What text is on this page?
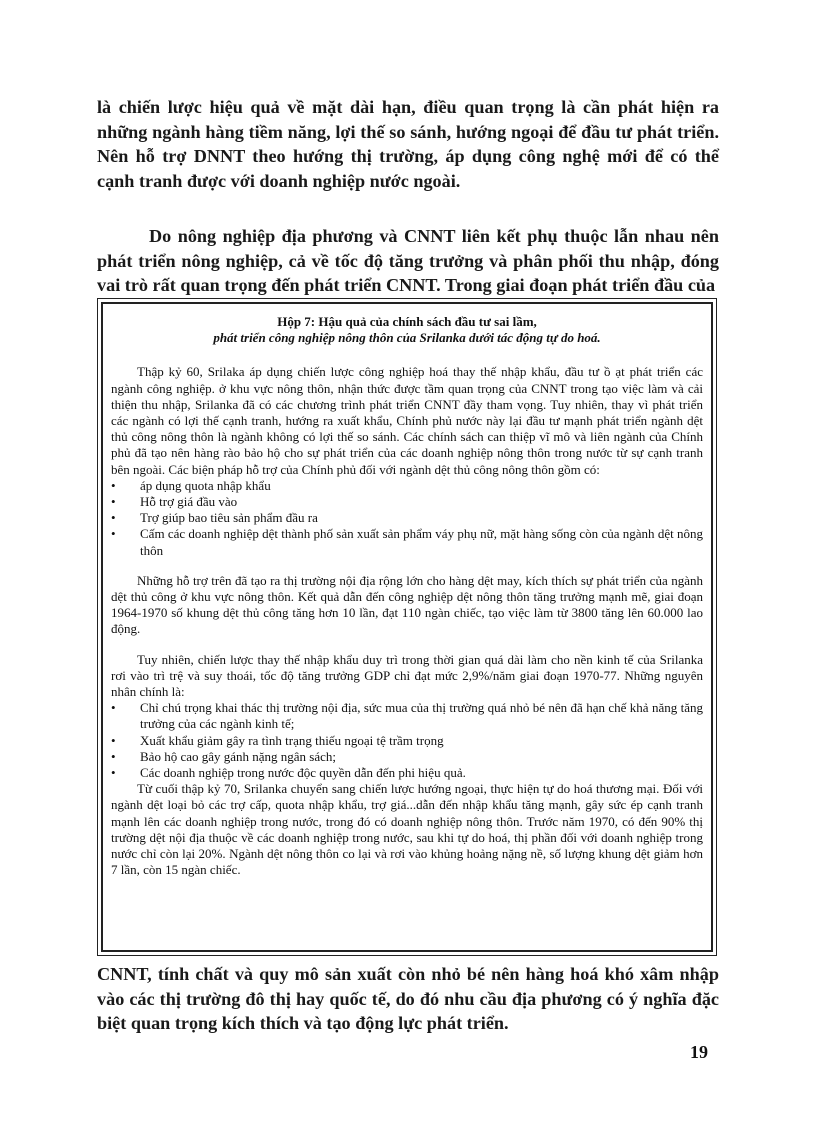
là chiến lược hiệu quả về mặt dài hạn, điều quan trọng là cần phát hiện ra những ngành hàng tiềm năng, lợi thế so sánh, hướng ngoại để đầu tư phát triển. Nên hỗ trợ DNNT theo hướng thị trường, áp dụng công nghệ mới để có thể cạnh tranh được với doanh nghiệp nước ngoài.

Do nông nghiệp địa phương và CNNT liên kết phụ thuộc lẫn nhau nên phát triển nông nghiệp, cả về tốc độ tăng trưởng và phân phối thu nhập, đóng vai trò rất quan trọng đến phát triển CNNT. Trong giai đoạn phát triển đầu của

Hộp 7: Hậu quả của chính sách đầu tư sai lầm,
phát triển công nghiệp nông thôn của Srilanka dưới tác động tự do hoá.

Thập kỷ 60, Srilaka áp dụng chiến lược công nghiệp hoá thay thế nhập khẩu, đầu tư ồ ạt phát triển các ngành công nghiệp. ở khu vực nông thôn, nhận thức được tầm quan trọng của CNNT trong tạo việc làm và cải thiện thu nhập, Srilanka đã có các chương trình phát triển CNNT đầy tham vọng. Tuy nhiên, thay vì phát triển các ngành có lợi thế cạnh tranh, hướng ra xuất khẩu, Chính phủ nước này lại đầu tư mạnh phát triển ngành dệt thủ công nông thôn là ngành không có lợi thế so sánh. Các chính sách can thiệp vĩ mô và liên ngành của Chính phủ đã tạo nên hàng rào bảo hộ cho sự phát triển của các doanh nghiệp nông thôn trong nước từ sự cạnh tranh bên ngoài. Các biện pháp hỗ trợ của Chính phủ đối với ngành dệt thủ công nông thôn gồm có:

•	áp dụng quota nhập khẩu
•	Hỗ trợ giá đầu vào
•	Trợ giúp bao tiêu sản phẩm đầu ra
•	Cấm các doanh nghiệp dệt thành phố sản xuất sản phẩm váy phụ nữ, mặt hàng sống còn của ngành dệt nông thôn

Những hỗ trợ trên đã tạo ra thị trường nội địa rộng lớn cho hàng dệt may, kích thích sự phát triển của ngành dệt thủ công ở khu vực nông thôn. Kết quả dẫn đến công nghiệp dệt nông thôn tăng trưởng mạnh mẽ, giai đoạn 1964-1970 số khung dệt thủ công tăng hơn 10 lần, đạt 110 ngàn chiếc, tạo việc làm từ 3800 tăng lên 60.000 lao động.

Tuy nhiên, chiến lược thay thế nhập khẩu duy trì trong thời gian quá dài làm cho nền kinh tế của Srilanka rơi vào trì trệ và suy thoái, tốc độ tăng trưởng GDP chỉ đạt mức 2,9%/năm giai đoạn 1970-77. Những nguyên nhân chính là:

•	Chỉ chú trọng khai thác thị trường nội địa, sức mua của thị trường quá nhỏ bé nên đã hạn chế khả năng tăng trưởng của các ngành kinh tế;
•	Xuất khẩu giảm gây ra tình trạng thiếu ngoại tệ trầm trọng
•	Bảo hộ cao gây gánh nặng ngân sách;
•	Các doanh nghiệp trong nước độc quyền dẫn đến phi hiệu quả.

Từ cuối thập kỷ 70, Srilanka chuyển sang chiến lược hướng ngoại, thực hiện tự do hoá thương mại. Đối với ngành dệt loại bỏ các trợ cấp, quota nhập khẩu, trợ giá...dẫn đến nhập khẩu tăng mạnh, gây sức ép cạnh tranh mạnh lên các doanh nghiệp trong nước, trong đó có doanh nghiệp nông thôn. Trước năm 1970, có đến 90% thị trường dệt nội địa thuộc về các doanh nghiệp trong nước, sau khi tự do hoá, thị phần đối với doanh nghiệp trong nước chỉ còn lại 20%. Ngành dệt nông thôn co lại và rơi vào khủng hoảng nặng nề, số lượng khung dệt giảm hơn 7 lần, còn 15 ngàn chiếc.

CNNT, tính chất và quy mô sản xuất còn nhỏ bé nên hàng hoá khó xâm nhập vào các thị trường đô thị hay quốc tế, do đó nhu cầu địa phương có ý nghĩa đặc biệt quan trọng kích thích và tạo động lực phát triển.

19
